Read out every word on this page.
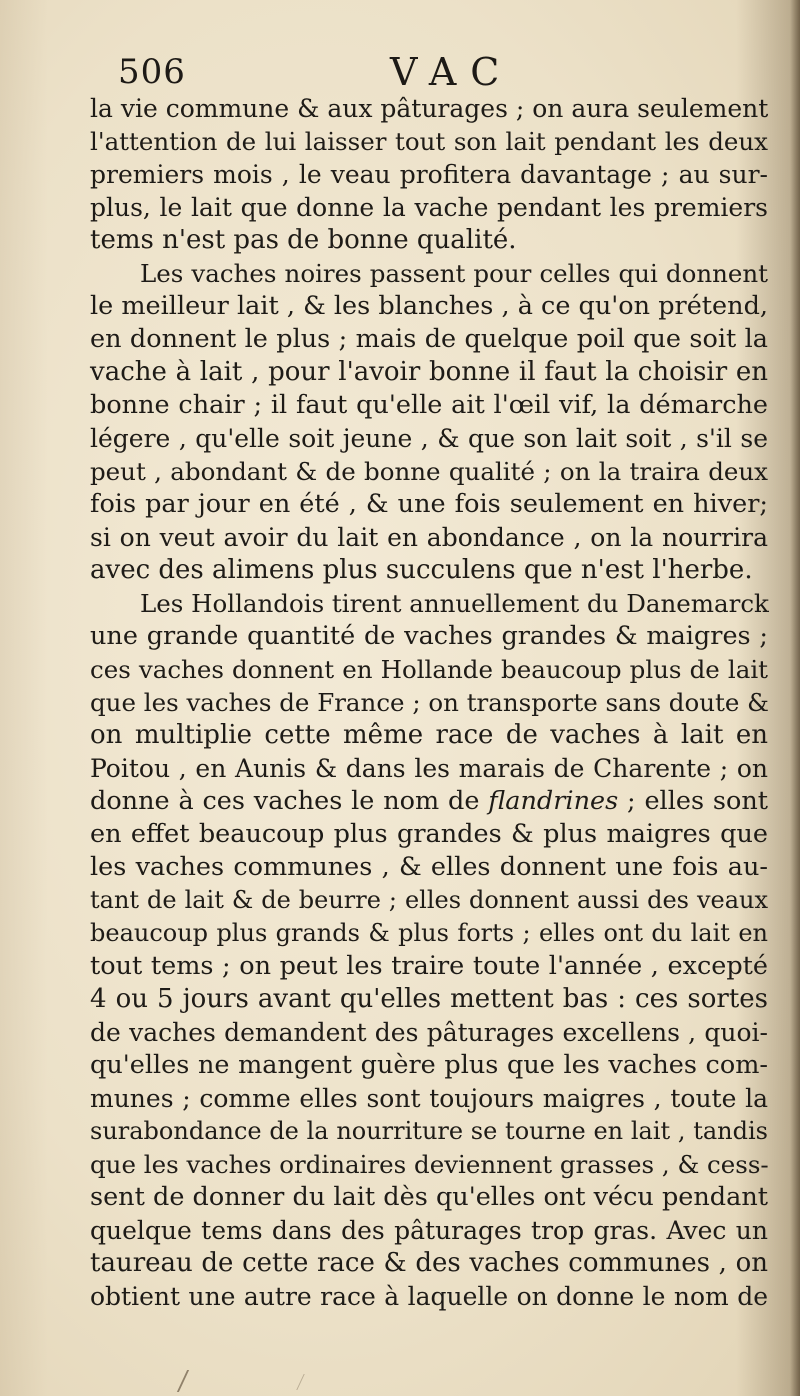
506	VAC
la vie commune & aux pâturages ; on aura seulement
l'attention de lui laisser tout son lait pendant les deux
premiers mois , le veau profitera davantage ; au sur-
plus, le lait que donne la vache pendant les premiers
tems n'est pas de bonne qualité.
Les vaches noires passent pour celles qui donnent
le meilleur lait , & les blanches , à ce qu'on prétend,
en donnent le plus ; mais de quelque poil que soit la
vache à lait , pour l'avoir bonne il faut la choisir en
bonne chair ; il faut qu'elle ait l'œil vif, la démarche
légere , qu'elle soit jeune , & que son lait soit , s'il se
peut , abondant & de bonne qualité ; on la traira deux
fois par jour en été , & une fois seulement en hiver;
si on veut avoir du lait en abondance , on la nourrira
avec des alimens plus succulens que n'est l'herbe.
Les Hollandois tirent annuellement du Danemarck
une grande quantité de vaches grandes & maigres ;
ces vaches donnent en Hollande beaucoup plus de lait
que les vaches de France ; on transporte sans doute &
on multiplie cette même race de vaches à lait en
Poitou , en Aunis & dans les marais de Charente ; on
donne à ces vaches le nom de flandrines ; elles sont
en effet beaucoup plus grandes & plus maigres que
les vaches communes , & elles donnent une fois au-
tant de lait & de beurre ; elles donnent aussi des veaux
beaucoup plus grands & plus forts ; elles ont du lait en
tout tems ; on peut les traire toute l'année , excepté
4 ou 5 jours avant qu'elles mettent bas : ces sortes
de vaches demandent des pâturages excellens , quoi-
qu'elles ne mangent guère plus que les vaches com-
munes ; comme elles sont toujours maigres , toute la
surabondance de la nourriture se tourne en lait , tandis
que les vaches ordinaires deviennent grasses , & cess-
sent de donner du lait dès qu'elles ont vécu pendant
quelque tems dans des pâturages trop gras. Avec un
taureau de cette race & des vaches communes , on
obtient une autre race à laquelle on donne le nom de
